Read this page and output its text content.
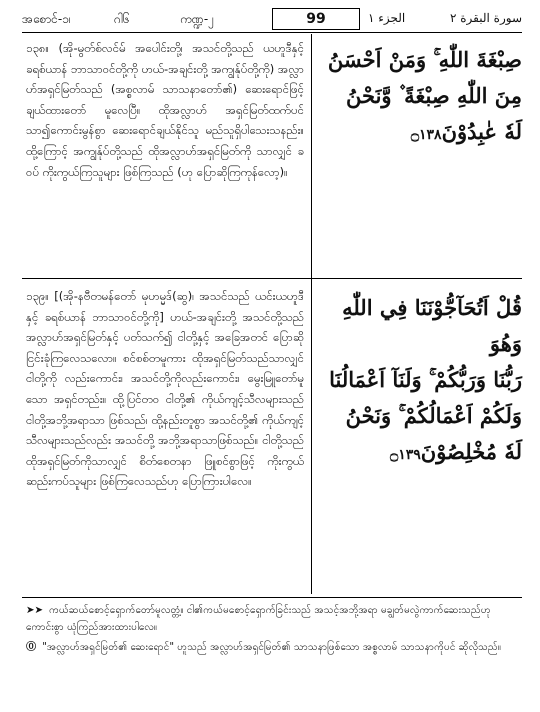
အစောင်-၁၊	ဂါ၆	ကဏ္ဍ-၂	99	الجزء ۱	سورة البقرة ۲
၁၃၈။ (အို-မွတ်စ်လင်မ် အပေါင်းတို့၊ အသင်တို့သည် ယဟူဒီနှင့်ခရစ်ယာန် ဘာသာဝင်တို့ကို ဟယ်-အချင်းတို့ အကျွန်ုပ်တို့ကို) အလ္လာဟ်အရှင်မြတ်သည် (အစ္စလာမ် သာသနာတော်၏) ဆေးရောင်ဖြင့် ချယ်ထားတော် မူလေပြီ။ ထိုအလ္လာဟ် အရှင်မြတ်ထက်ပင် သာ၍ကောင်းမွန်စွာ ဆေးရောင်ချယ်နိုင်သူ မည်သူရှိပါသေးသနည်း။ ထို့ကြောင့် အကျွန်ုပ်တို့သည် ထိုအလ္လာဟ်အရှင်မြတ်ကို သာလျှင် ခဝပ် ကိုးကွယ်ကြသူများ ဖြစ်ကြသည် (ဟု ပြောဆိုကြကုန်လော့)။
صِبْغَةَ اللّٰهِ ۚ وَمَنْ اَحْسَنُ
مِنَ اللّٰهِ صِبْغَةً ۫ وَّنَحْنُ
لَهٗ عٰبِدُوْنَ۝١٣٨
၁၃၉။ [(အို-နဗီတမန်တော် မုဟမ္မဒ်(ဆွ)၊ အသင်သည် ယင်းယဟူဒီနှင့် ခရစ်ယာန် ဘာသာဝင်တို့ကို] ဟယ်-အချင်းတို့ အသင်တို့သည် အလ္လာဟ်အရှင်မြတ်နှင့် ပတ်သက်၍ ငါတို့နှင့် အခြေအတင် ပြောဆိုငြင်းခုံကြလေသလော။ စင်စစ်တမူကား ထိုအရှင်မြတ်သည်သာလျှင် ငါတို့ကို လည်းကောင်း၊ အသင်တို့ကိုလည်းကောင်း၊ မွေးမြူတော်မူသော အရှင်တည်း။ ထို့ပြင်တဝ ငါတို့၏ ကိုယ်ကျင့်သီလများသည် ငါတို့အဘို့အရာသာ ဖြစ်သည်၊ ထို့နည်းတူစွာ အသင်တို့၏ ကိုယ်ကျင့် သီလများသည်လည်း အသင်တို့ အဘို့အရာသာဖြစ်သည်။ ငါတို့သည် ထိုအရှင်မြတ်ကိုသာလျှင် စိတ်စေတနာ ဖြူစင်စွာဖြင့် ကိုးကွယ်ဆည်းကပ်သူများ ဖြစ်ကြလေသည်ဟု ပြောကြားပါလေ။
قُلْ اَتُحَآجُّوْنَنَا فِي اللّٰهِ وَهُوَ
رَبُّنَا وَرَبُّكُمْ ۚ وَلَنَآ اَعْمَالُنَا
وَلَكُمْ اَعْمَالُكُمْ ۚ وَنَحْنُ
لَهٗ مُخْلِصُوْنَ۝١٣٩

➤➤ ကယ်ဆယ်စောင့်ရှောက်တော်မူလတ္တံ့။ ငါ၏ကယ်မစောင့်ရှောက်ခြင်းသည် အသင့်အဘို့အရာ မချွတ်မလွဲကာက်ဆေးသည်ဟု ကောင်းစွာ ယုံကြည်အားထားပါလေ။

⓪ "အလ္လာဟ်အရှင်မြတ်၏ ဆေးရောင်" ဟူသည် အလ္လာဟ်အရှင်မြတ်၏ သာသနာဖြစ်သော အစ္စလာမ် သာသနာကိုပင် ဆိုလိုသည်။
